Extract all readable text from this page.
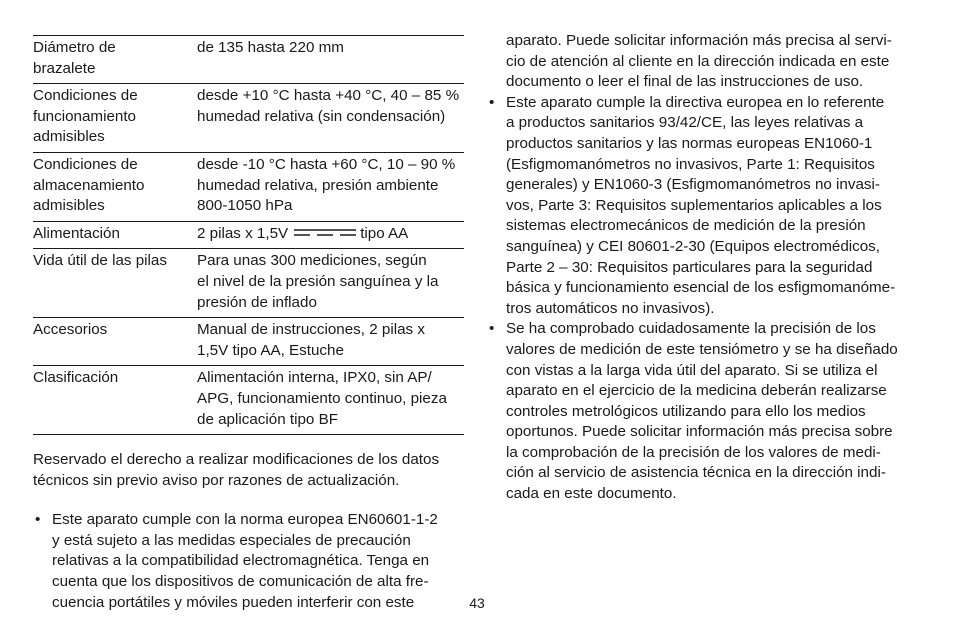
Diámetro de
brazalete	de 135 hasta 220 mm

Condiciones de
funcionamiento
admisibles	desde +10 °C hasta +40 °C, 40 – 85 %
humedad relativa (sin condensación)

Condiciones de
almacenamiento
admisibles	desde -10 °C hasta +60 °C, 10 – 90 %
humedad relativa, presión ambiente
800-1050 hPa

Alimentación	2 pilas x 1,5V tipo AA

Vida útil de las pilas	Para unas 300 mediciones, según
el nivel de la presión sanguínea y la
presión de inflado

Accesorios	Manual de instrucciones, 2 pilas x
1,5V tipo AA, Estuche

Clasificación	Alimentación interna, IPX0, sin AP/
APG, funcionamiento continuo, pieza
de aplicación tipo BF
Reservado el derecho a realizar modificaciones de los datos
técnicos sin previo aviso por razones de actualización.
• Este aparato cumple con la norma europea EN60601-1-2
y está sujeto a las medidas especiales de precaución
relativas a la compatibilidad electromagnética. Tenga en
cuenta que los dispositivos de comunicación de alta fre-
cuencia portátiles y móviles pueden interferir con este
aparato. Puede solicitar información más precisa al servi-
cio de atención al cliente en la dirección indicada en este
documento o leer el final de las instrucciones de uso.
• Este aparato cumple la directiva europea en lo referente
a productos sanitarios 93/42/CE, las leyes relativas a
productos sanitarios y las normas europeas EN1060-1
(Esfigmomanómetros no invasivos, Parte 1: Requisitos
generales) y EN1060-3 (Esfigmomanómetros no invasi-
vos, Parte 3: Requisitos suplementarios aplicables a los
sistemas electromecánicos de medición de la presión
sanguínea) y CEI 80601-2-30 (Equipos electromédicos,
Parte 2 – 30: Requisitos particulares para la seguridad
básica y funcionamiento esencial de los esfigmomanóme-
tros automáticos no invasivos).
• Se ha comprobado cuidadosamente la precisión de los
valores de medición de este tensiómetro y se ha diseñado
con vistas a la larga vida útil del aparato. Si se utiliza el
aparato en el ejercicio de la medicina deberán realizarse
controles metrológicos utilizando para ello los medios
oportunos. Puede solicitar información más precisa sobre
la comprobación de la precisión de los valores de medi-
ción al servicio de asistencia técnica en la dirección indi-
cada en este documento.
43
